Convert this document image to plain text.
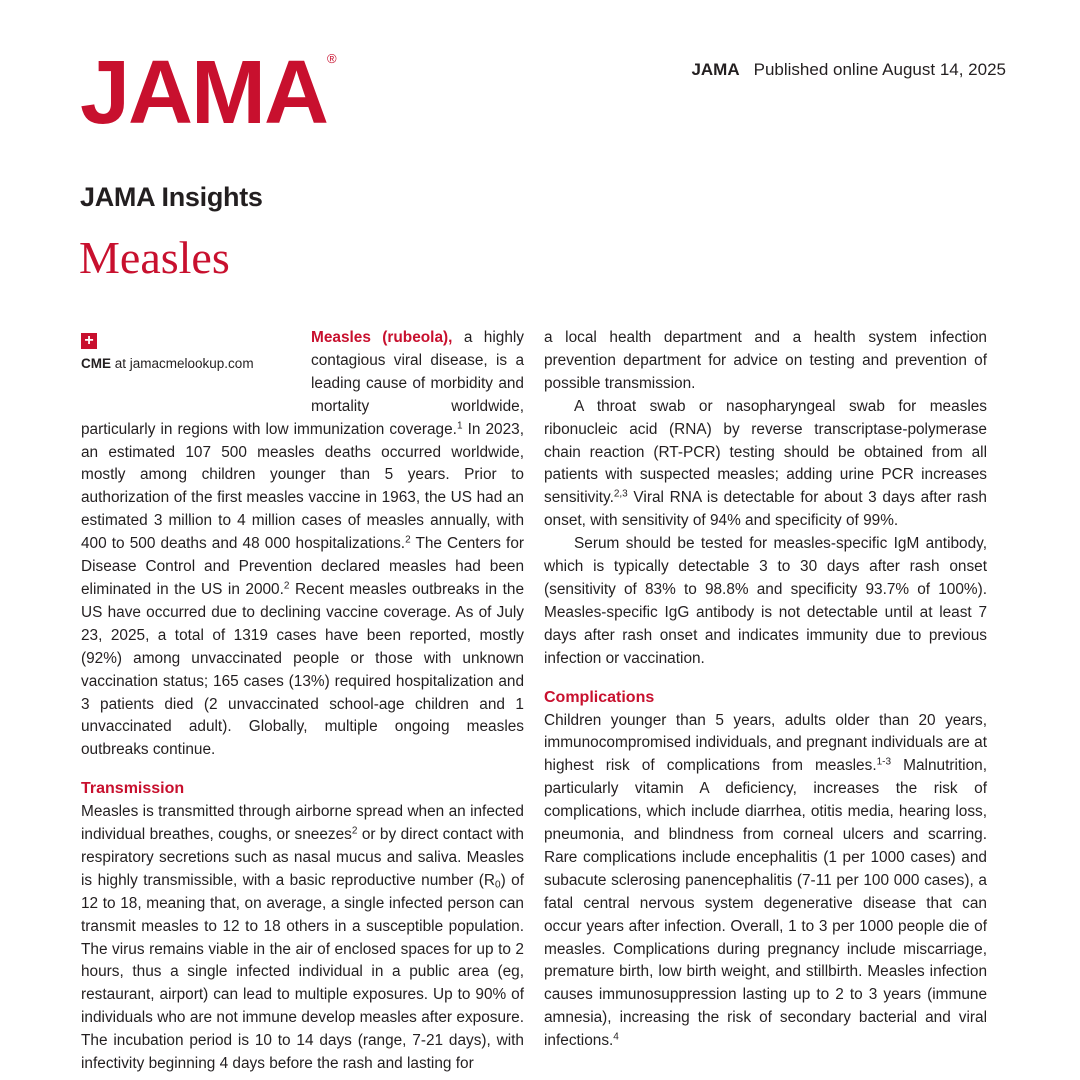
JAMA®
JAMA Published online August 14, 2025
JAMA Insights
Measles
+
CME at jamacmelookup.com

Measles (rubeola), a highly contagious viral disease, is a leading cause of morbidity and mortality worldwide, particularly in regions with low immunization coverage.$^1$ In 2023, an estimated 107 500 measles deaths occurred worldwide, mostly among children younger than 5 years. Prior to authorization of the first measles vaccine in 1963, the US had an estimated 3 million to 4 million cases of measles annually, with 400 to 500 deaths and 48 000 hospitalizations.$^2$ The Centers for Disease Control and Prevention declared measles had been eliminated in the US in 2000.$^2$ Recent measles outbreaks in the US have occurred due to declining vaccine coverage. As of July 23, 2025, a total of 1319 cases have been reported, mostly (92%) among unvaccinated people or those with unknown vaccination status; 165 cases (13%) required hospitalization and 3 patients died (2 unvaccinated school-age children and 1 unvaccinated adult). Globally, multiple ongoing measles outbreaks continue.

Transmission

Measles is transmitted through airborne spread when an infected individual breathes, coughs, or sneezes$^2$ or by direct contact with respiratory secretions such as nasal mucus and saliva. Measles is highly transmissible, with a basic reproductive number $(R_0)$ of 12 to 18, meaning that, on average, a single infected person can transmit measles to 12 to 18 others in a susceptible population. The virus remains viable in the air of enclosed spaces for up to 2 hours, thus a single infected individual in a public area (eg, restaurant, airport) can lead to multiple exposures. Up to 90% of individuals who are not immune develop measles after exposure. The incubation period is 10 to 14 days (range, 7-21 days), with infectivity beginning 4 days before the rash and lasting for

a local health department and a health system infection prevention department for advice on testing and prevention of possible transmission.

A throat swab or nasopharyngeal swab for measles ribonucleic acid (RNA) by reverse transcriptase-polymerase chain reaction (RT-PCR) testing should be obtained from all patients with suspected measles; adding urine PCR increases sensitivity.$^{2,3}$ Viral RNA is detectable for about 3 days after rash onset, with sensitivity of 94% and specificity of 99%.

Serum should be tested for measles-specific IgM antibody, which is typically detectable 3 to 30 days after rash onset (sensitivity of 83% to 98.8% and specificity 93.7% of 100%). Measles-specific IgG antibody is not detectable until at least 7 days after rash onset and indicates immunity due to previous infection or vaccination.

Complications

Children younger than 5 years, adults older than 20 years, immunocompromised individuals, and pregnant individuals are at highest risk of complications from measles.$^{1-3}$ Malnutrition, particularly vitamin A deficiency, increases the risk of complications, which include diarrhea, otitis media, hearing loss, pneumonia, and blindness from corneal ulcers and scarring. Rare complications include encephalitis (1 per 1000 cases) and subacute sclerosing panencephalitis (7-11 per 100 000 cases), a fatal central nervous system degenerative disease that can occur years after infection. Overall, 1 to 3 per 1000 people die of measles. Complications during pregnancy include miscarriage, premature birth, low birth weight, and stillbirth. Measles infection causes immunosuppression lasting up to 2 to 3 years (immune amnesia), increasing the risk of secondary bacterial and viral infections.$^4$
